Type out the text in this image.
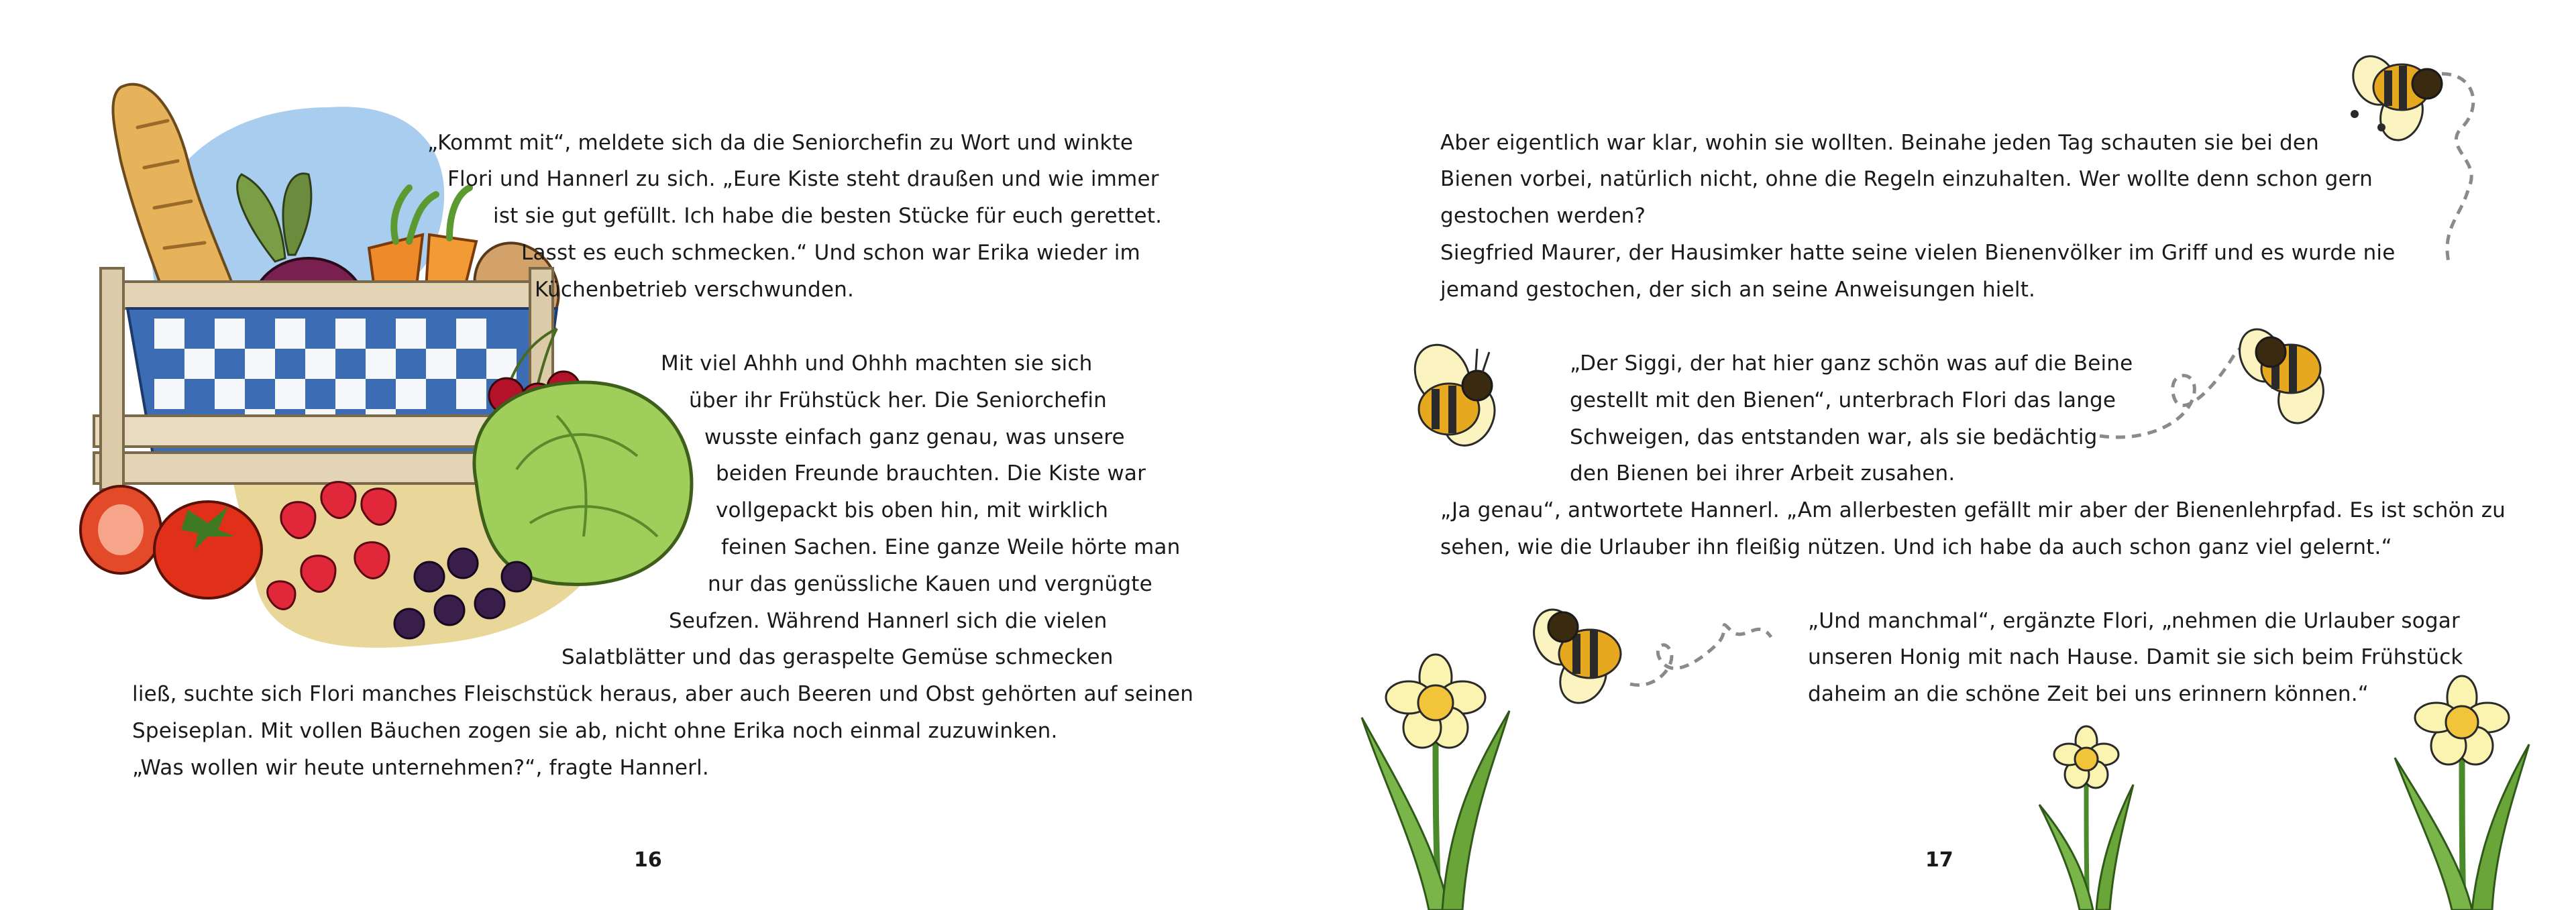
„Kommt mit“, meldete sich da die Seniorchefin zu Wort und winkte
Flori und Hannerl zu sich. „Eure Kiste steht draußen und wie immer
ist sie gut gefüllt. Ich habe die besten Stücke für euch gerettet.
Lasst es euch schmecken.“ Und schon war Erika wieder im
Küchenbetrieb verschwunden.
Mit viel Ahhh und Ohhh machten sie sich
über ihr Frühstück her. Die Seniorchefin
wusste einfach ganz genau, was unsere
beiden Freunde brauchten. Die Kiste war
vollgepackt bis oben hin, mit wirklich
feinen Sachen. Eine ganze Weile hörte man
nur das genüssliche Kauen und vergnügte
Seufzen. Während Hannerl sich die vielen
Salatblätter und das geraspelte Gemüse schmecken
ließ, suchte sich Flori manches Fleischstück heraus, aber auch Beeren und Obst gehörten auf seinen
Speiseplan. Mit vollen Bäuchen zogen sie ab, nicht ohne Erika noch einmal zuzuwinken.
„Was wollen wir heute unternehmen?“, fragte Hannerl.
16
Aber eigentlich war klar, wohin sie wollten. Beinahe jeden Tag schauten sie bei den
Bienen vorbei, natürlich nicht, ohne die Regeln einzuhalten. Wer wollte denn schon gern
gestochen werden?
Siegfried Maurer, der Hausimker hatte seine vielen Bienenvölker im Griff und es wurde nie
jemand gestochen, der sich an seine Anweisungen hielt.
„Der Siggi, der hat hier ganz schön was auf die Beine
gestellt mit den Bienen“, unterbrach Flori das lange
Schweigen, das entstanden war, als sie bedächtig
den Bienen bei ihrer Arbeit zusahen.
„Ja genau“, antwortete Hannerl. „Am allerbesten gefällt mir aber der Bienenlehrpfad. Es ist schön zu
sehen, wie die Urlauber ihn fleißig nützen. Und ich habe da auch schon ganz viel gelernt.“
„Und manchmal“, ergänzte Flori, „nehmen die Urlauber sogar
unseren Honig mit nach Hause. Damit sie sich beim Frühstück
daheim an die schöne Zeit bei uns erinnern können.“
17
